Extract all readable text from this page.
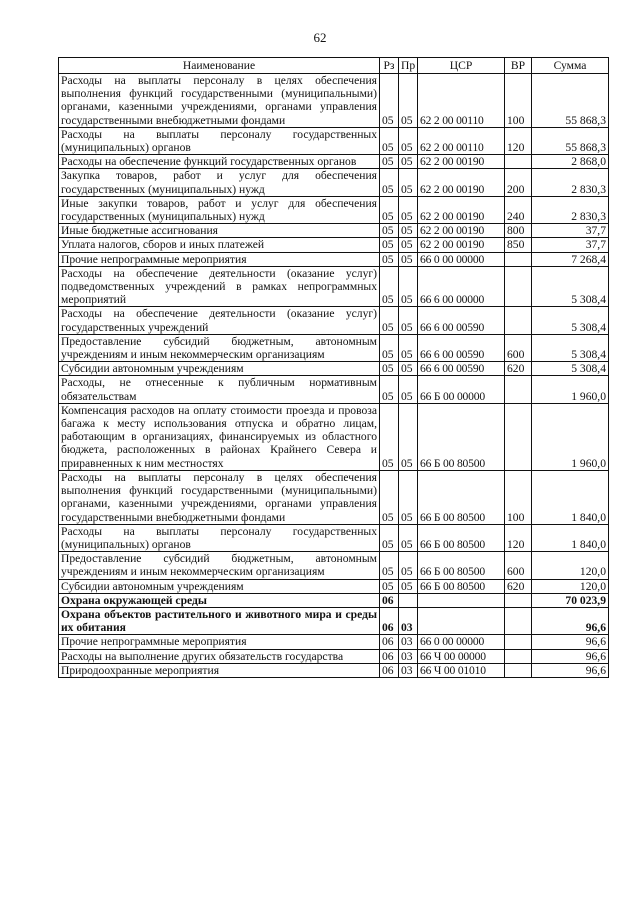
62
Наименование	Рз	Пр	ЦСР	ВР	Сумма
Расходы на выплаты персоналу в целях обеспечения выполнения функций государственными (муниципальными) органами, казенными учреждениями, органами управления государственными внебюджетными фондами	05	05	62 2 00 00110	100	55 868,3
Расходы на выплаты персоналу государственных (муниципальных) органов	05	05	62 2 00 00110	120	55 868,3
Расходы на обеспечение функций государственных органов	05	05	62 2 00 00190		2 868,0
Закупка товаров, работ и услуг для обеспечения государственных (муниципальных) нужд	05	05	62 2 00 00190	200	2 830,3
Иные закупки товаров, работ и услуг для обеспечения государственных (муниципальных) нужд	05	05	62 2 00 00190	240	2 830,3
Иные бюджетные ассигнования	05	05	62 2 00 00190	800	37,7
Уплата налогов, сборов и иных платежей	05	05	62 2 00 00190	850	37,7
Прочие непрограммные мероприятия	05	05	66 0 00 00000		7 268,4
Расходы на обеспечение деятельности (оказание услуг) подведомственных учреждений в рамках непрограммных мероприятий	05	05	66 6 00 00000		5 308,4
Расходы на обеспечение деятельности (оказание услуг) государственных учреждений	05	05	66 6 00 00590		5 308,4
Предоставление субсидий бюджетным, автономным учреждениям и иным некоммерческим организациям	05	05	66 6 00 00590	600	5 308,4
Субсидии автономным учреждениям	05	05	66 6 00 00590	620	5 308,4
Расходы, не отнесенные к публичным нормативным обязательствам	05	05	66 Б 00 00000		1 960,0
Компенсация расходов на оплату стоимости проезда и провоза багажа к месту использования отпуска и обратно лицам, работающим в организациях, финансируемых из областного бюджета, расположенных в районах Крайнего Севера и приравненных к ним местностях	05	05	66 Б 00 80500		1 960,0
Расходы на выплаты персоналу в целях обеспечения выполнения функций государственными (муниципальными) органами, казенными учреждениями, органами управления государственными внебюджетными фондами	05	05	66 Б 00 80500	100	1 840,0
Расходы на выплаты персоналу государственных (муниципальных) органов	05	05	66 Б 00 80500	120	1 840,0
Предоставление субсидий бюджетным, автономным учреждениям и иным некоммерческим организациям	05	05	66 Б 00 80500	600	120,0
Субсидии автономным учреждениям	05	05	66 Б 00 80500	620	120,0
Охрана окружающей среды	06				70 023,9
Охрана объектов растительного и животного мира и среды их обитания	06	03			96,6
Прочие непрограммные мероприятия	06	03	66 0 00 00000		96,6
Расходы на выполнение других обязательств государства	06	03	66 Ч 00 00000		96,6
Природоохранные мероприятия	06	03	66 Ч 00 01010		96,6
